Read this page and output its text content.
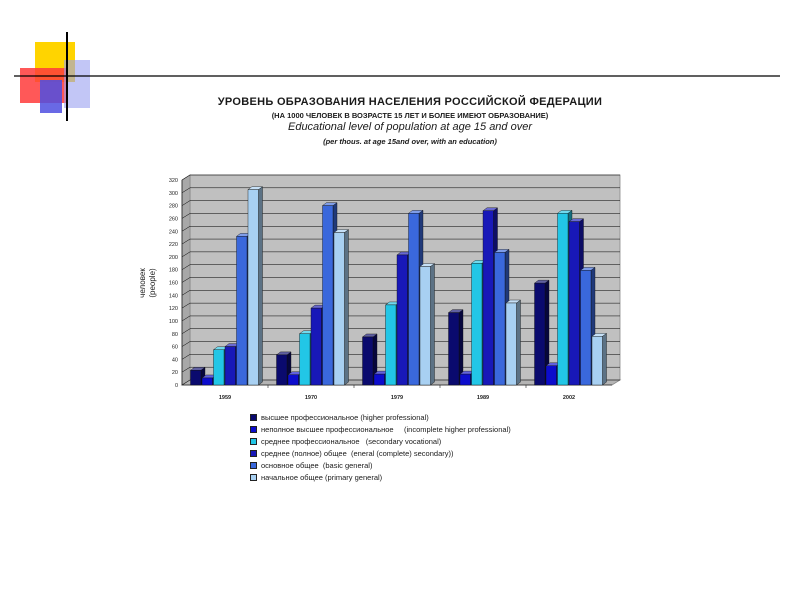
УРОВЕНЬ ОБРАЗОВАНИЯ НАСЕЛЕНИЯ РОССИЙСКОЙ ФЕДЕРАЦИИ
(НА 1000 ЧЕЛОВЕК В ВОЗРАСТЕ 15 ЛЕТ И БОЛЕЕ ИМЕЮТ ОБРАЗОВАНИЕ)
Educational level of population at age 15 and over
(per thous. at age 15and over, with an education)
0
20
40
60
80
100
120
140
160
180
200
220
240
260
280
300
320
человек (people)
1959	1970	1979	1989	2002
высшее профессиональное (higher professional)
неполное высшее профессиональное     (incomplete higher professional)
среднее профессиональное   (secondary vocational)
среднее (полное) общее  (eneral (complete) secondary))
основное общее  (basic general)
начальное общее (primary general)
